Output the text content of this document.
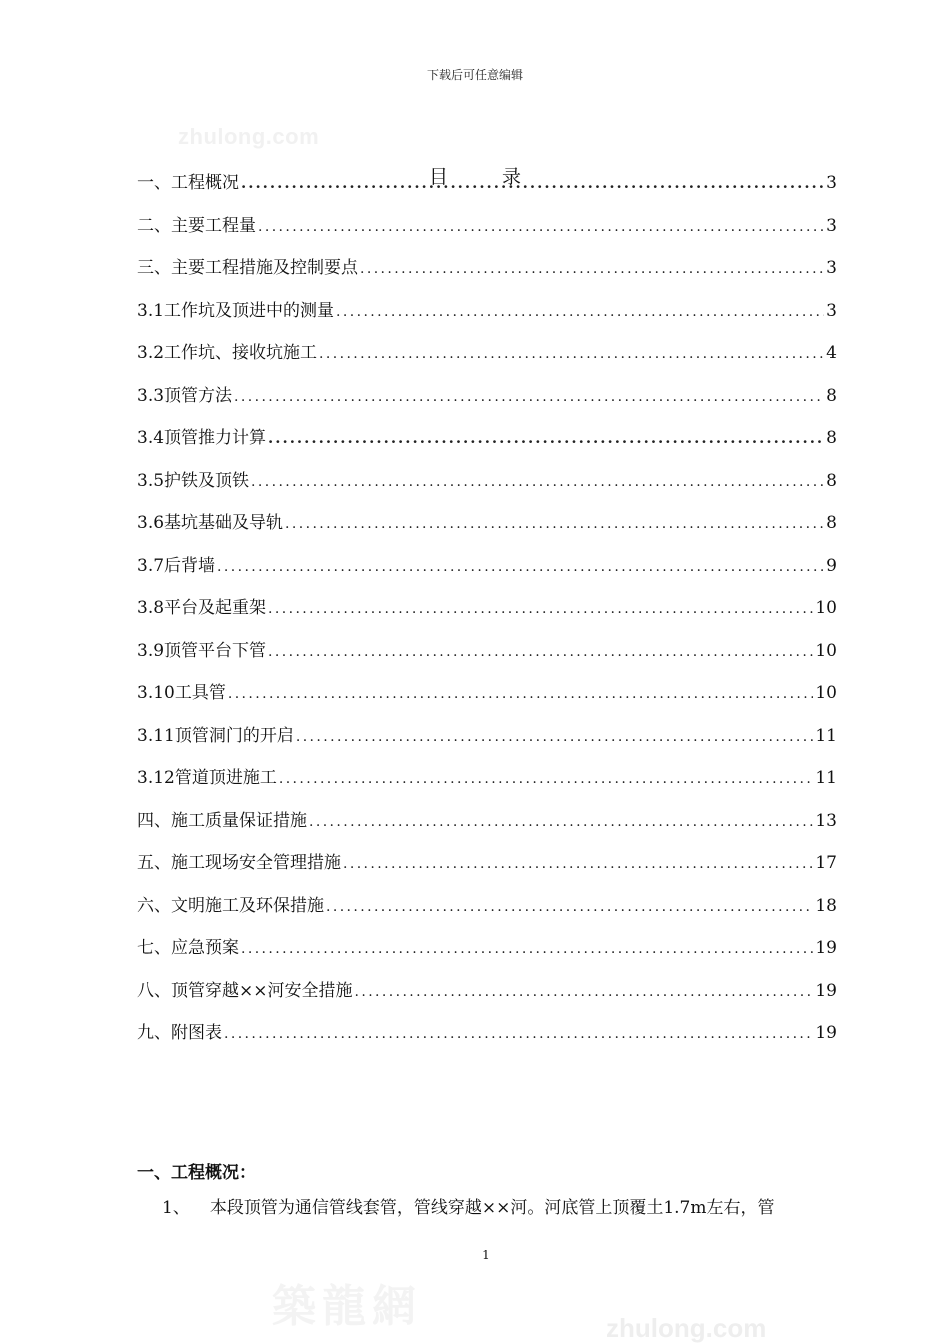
下载后可任意编辑
zhulong.com
目 录
一、工程概况 .....	3
二、主要工程量 .....	3
三、主要工程措施及控制要点 .....	3
3.1工作坑及顶进中的测量 .....	3
3.2工作坑、接收坑施工 .....	4
3.3顶管方法 .....	8
3.4顶管推力计算 .....	8
3.5护铁及顶铁 .....	8
3.6基坑基础及导轨 .....	8
3.7后背墙 .....	9
3.8平台及起重架 .....	10
3.9顶管平台下管 .....	10
3.10工具管 .....	10
3.11顶管洞门的开启 .....	11
3.12管道顶进施工 .....	11
四、施工质量保证措施 .....	13
五、施工现场安全管理措施 .....	17
六、文明施工及环保措施 .....	18
七、应急预案 .....	19
八、顶管穿越××河安全措施 .....	19
九、附图表 .....	19
一、工程概况：
1、 本段顶管为通信管线套管，管线穿越××河。河底管上顶覆土1.7m左右，管
1
築龍網	zhulong.com
